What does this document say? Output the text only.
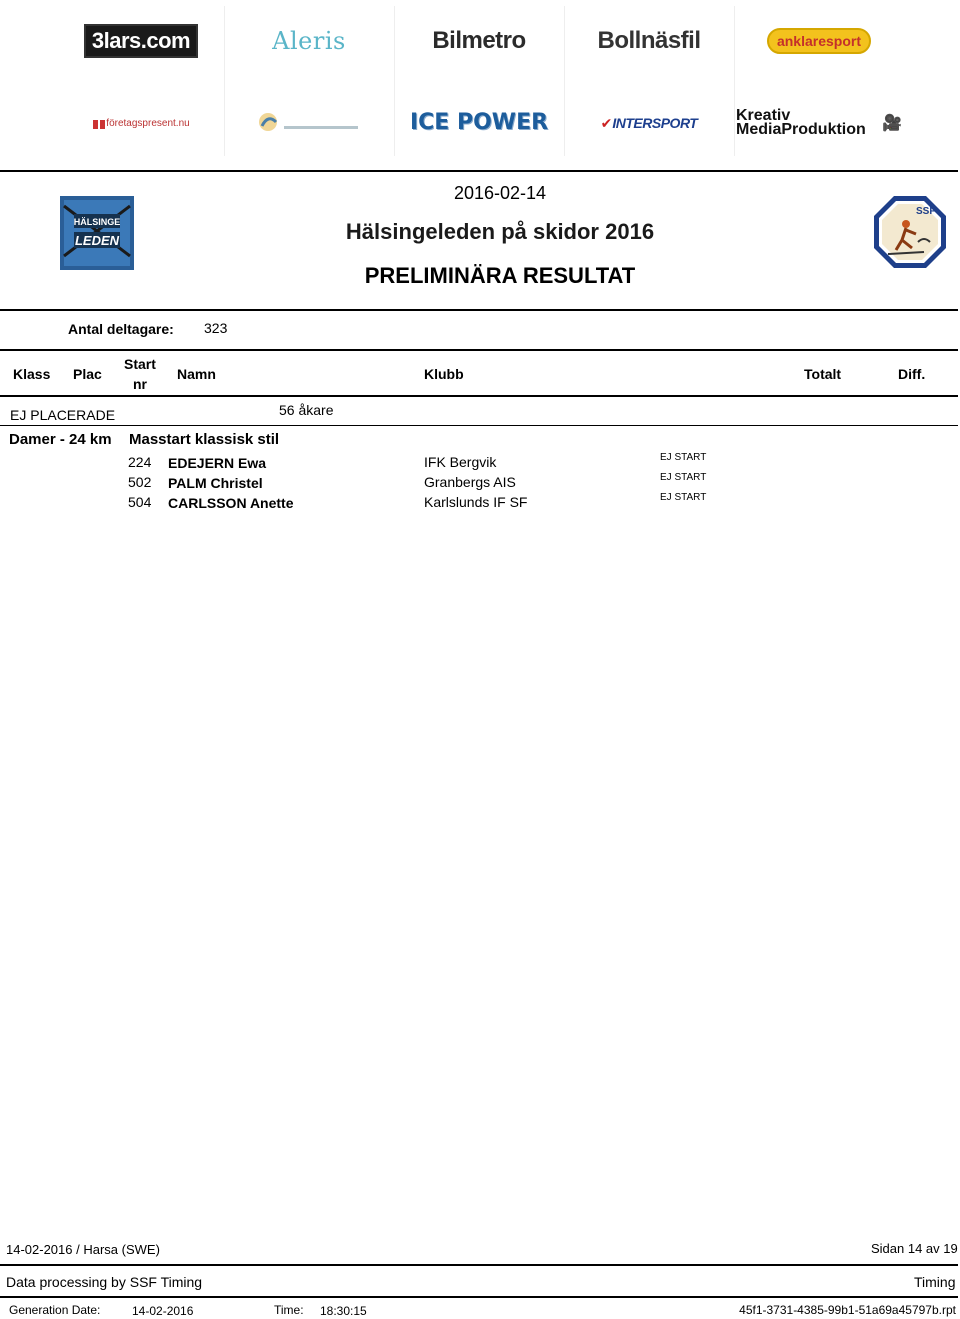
3lars.com	Aleris	Bilmetro	Bollnäsfil	anklaresport
företagspresent.nu	ICE POWER	✔ INTERSPORT Kreativ MediaProduktion	🎥
HÄLSINGE
LEDEN
SSF
2016-02-14
Hälsingeleden på skidor 2016
PRELIMINÄRA RESULTAT
Antal deltagare: 323
Klass Plac
Start
nr
Namn	Klubb	Totalt	Diff.
EJ PLACERADE	56 åkare
Damer - 24 km Masstart klassisk stil
224 EDEJERN Ewa	IFK Bergvik	EJ START
502 PALM Christel	Granbergs AIS	EJ START
504 CARLSSON Anette	Karlslunds IF SF	EJ START
14-02-2016 / Harsa (SWE)	Sidan 14 av 19
Data processing by SSF Timing	Timing
Generation Date:	14-02-2016	Time: 18:30:15	45f1-3731-4385-99b1-51a69a45797b.rpt
